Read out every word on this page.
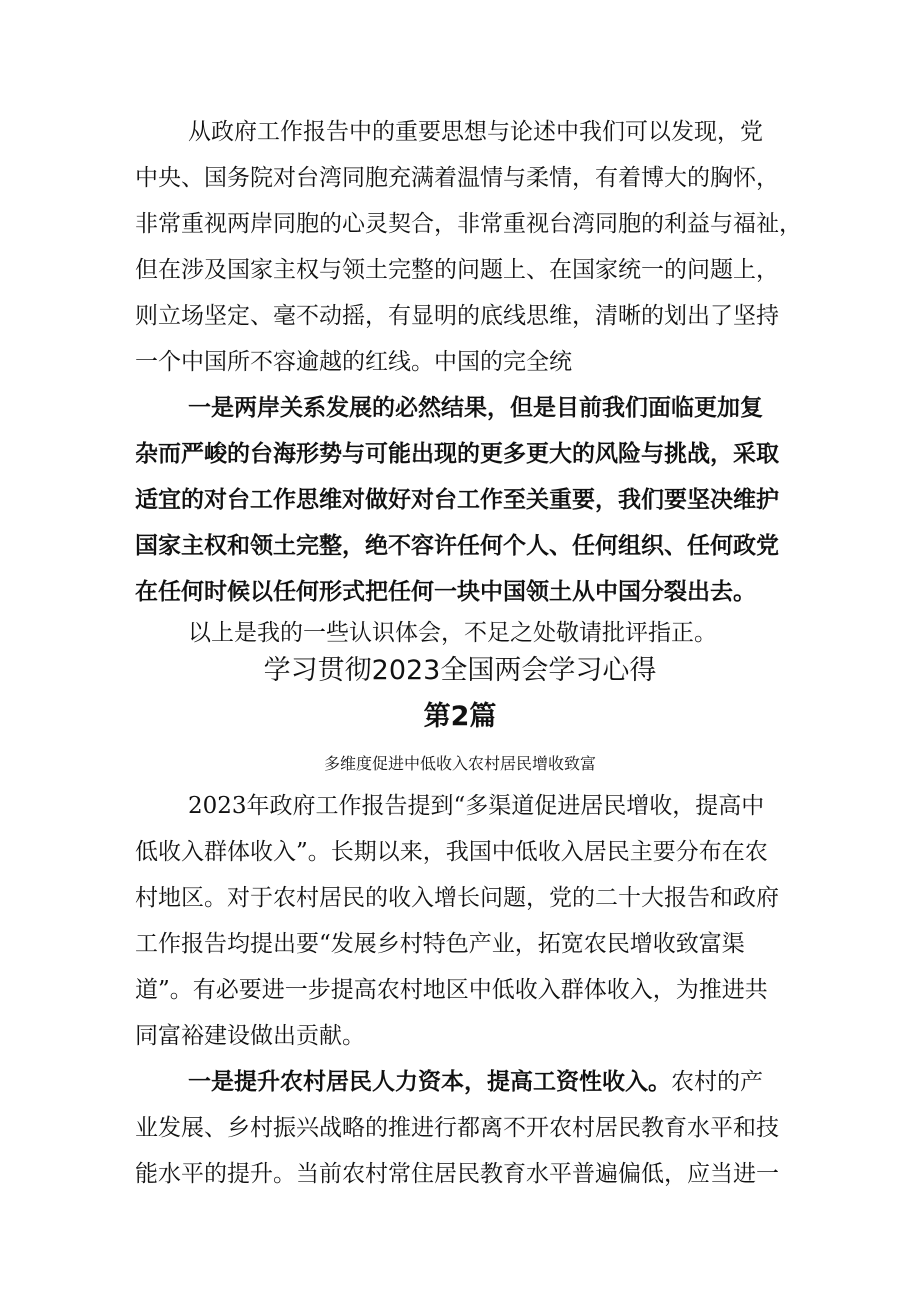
从政府工作报告中的重要思想与论述中我们可以发现，党
中央、国务院对台湾同胞充满着温情与柔情，有着博大的胸怀，
非常重视两岸同胞的心灵契合，非常重视台湾同胞的利益与福祉，
但在涉及国家主权与领土完整的问题上、在国家统一的问题上，
则立场坚定、毫不动摇，有显明的底线思维，清晰的划出了坚持
一个中国所不容逾越的红线。中国的完全统
一是两岸关系发展的必然结果，但是目前我们面临更加复
杂而严峻的台海形势与可能出现的更多更大的风险与挑战，采取
适宜的对台工作思维对做好对台工作至关重要，我们要坚决维护
国家主权和领土完整，绝不容许任何个人、任何组织、任何政党
在任何时候以任何形式把任何一块中国领土从中国分裂出去。
以上是我的一些认识体会，不足之处敬请批评指正。
学习贯彻2023全国两会学习心得
第2篇
多维度促进中低收入农村居民增收致富
2023年政府工作报告提到“多渠道促进居民增收，提高中
低收入群体收入”。长期以来，我国中低收入居民主要分布在农
村地区。对于农村居民的收入增长问题，党的二十大报告和政府
工作报告均提出要“发展乡村特色产业，拓宽农民增收致富渠
道”。有必要进一步提高农村地区中低收入群体收入，为推进共
同富裕建设做出贡献。
一是提升农村居民人力资本，提高工资性收入。农村的产
业发展、乡村振兴战略的推进行都离不开农村居民教育水平和技
能水平的提升。当前农村常住居民教育水平普遍偏低，应当进一
